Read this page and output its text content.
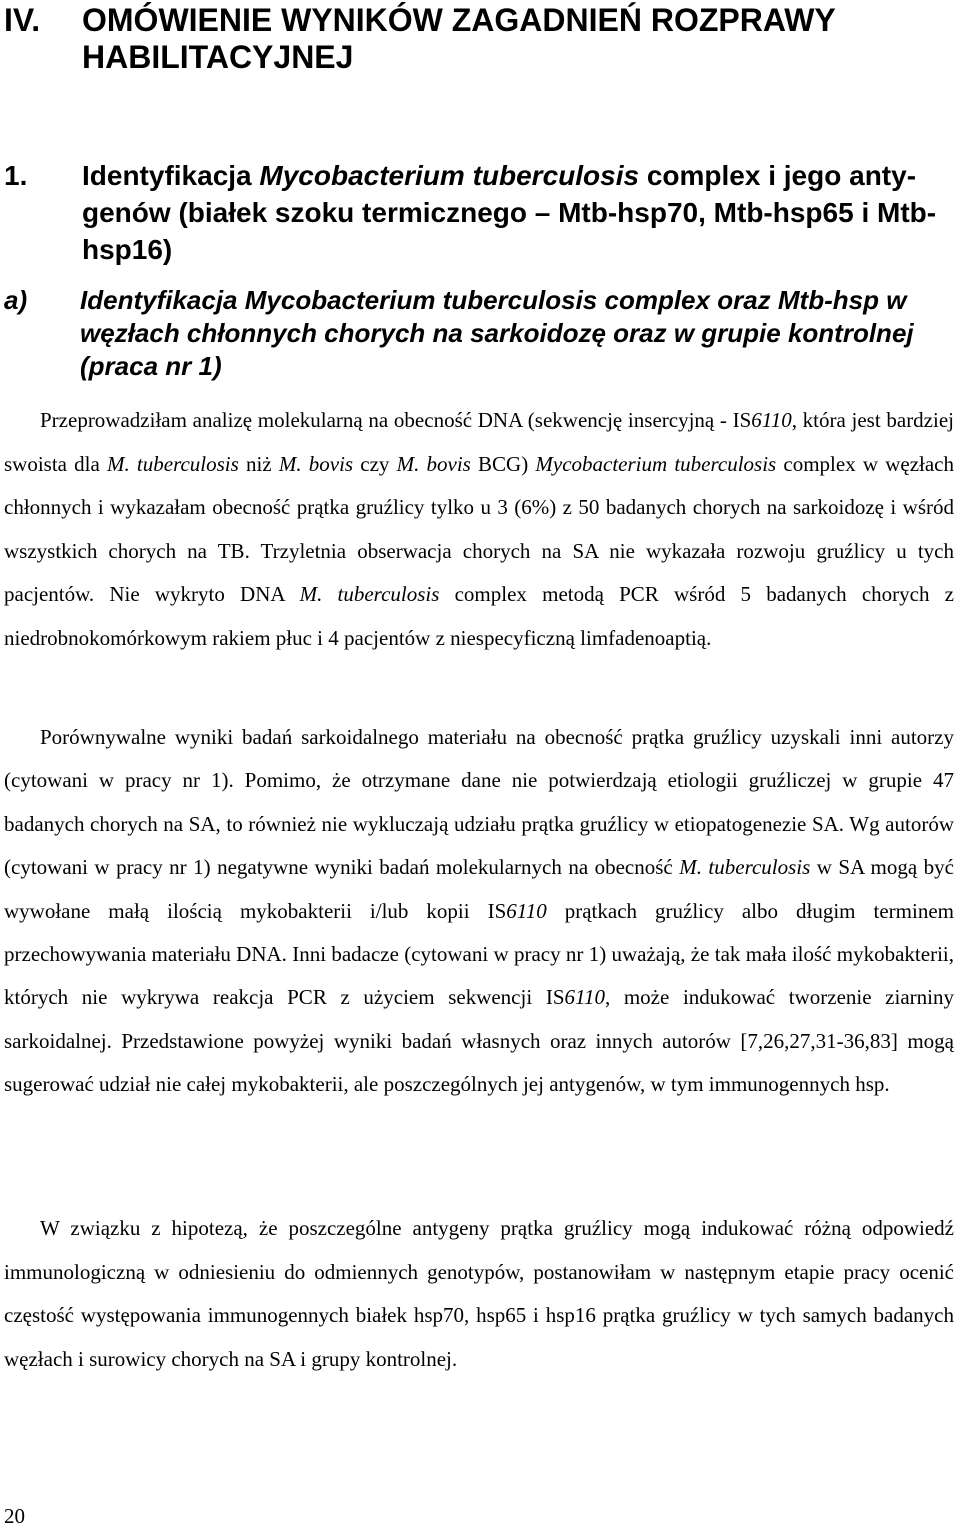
IV.	OMÓWIENIE WYNIKÓW ZAGADNIEŃ ROZPRAWY HABILITACYJNEJ
1.	Identyfikacja Mycobacterium tuberculosis complex i jego anty-genów (białek szoku termicznego – Mtb-hsp70, Mtb-hsp65 i Mtb-hsp16)
a)	Identyfikacja Mycobacterium tuberculosis complex oraz Mtb-hsp w węzłach chłonnych chorych na sarkoidozę oraz w grupie kontrolnej (praca nr 1)

Przeprowadziłam analizę molekularną na obecność DNA (sekwencję insercyjną - IS6110, która jest bardziej swoista dla M. tuberculosis niż M. bovis czy M. bovis BCG) Mycobacterium tuberculosis complex w węzłach chłonnych i wykazałam obecność prątka gruźlicy tylko u 3 (6%) z 50 badanych chorych na sarkoidozę i wśród wszystkich chorych na TB. Trzyletnia obserwacja chorych na SA nie wykazała rozwoju gruźlicy u tych pacjentów. Nie wykryto DNA M. tuberculosis complex metodą PCR wśród 5 badanych chorych z niedrobnokomórkowym rakiem płuc i 4 pacjentów z niespecyficzną limfadenoaptią.

Porównywalne wyniki badań sarkoidalnego materiału na obecność prątka gruźlicy uzyskali inni autorzy (cytowani w pracy nr 1). Pomimo, że otrzymane dane nie potwierdzają etiologii gruźliczej w grupie 47 badanych chorych na SA, to również nie wykluczają udziału prątka gruźlicy w etiopatogenezie SA. Wg autorów (cytowani w pracy nr 1) negatywne wyniki badań molekularnych na obecność M. tuberculosis w SA mogą być wywołane małą ilością mykobakterii i/lub kopii IS6110 prątkach gruźlicy albo długim terminem przechowywania materiału DNA. Inni badacze (cytowani w pracy nr 1) uważają, że tak mała ilość mykobakterii, których nie wykrywa reakcja PCR z użyciem sekwencji IS6110, może indukować tworzenie ziarniny sarkoidalnej. Przedstawione powyżej wyniki badań własnych oraz innych autorów [7,26,27,31-36,83] mogą sugerować udział nie całej mykobakterii, ale poszczególnych jej antygenów, w tym immunogennych hsp.

W związku z hipotezą, że poszczególne antygeny prątka gruźlicy mogą indukować różną odpowiedź immunologiczną w odniesieniu do odmiennych genotypów, postanowiłam w następnym etapie pracy ocenić częstość występowania immunogennych białek hsp70, hsp65 i hsp16 prątka gruźlicy w tych samych badanych węzłach i surowicy chorych na SA i grupy kontrolnej.

20
